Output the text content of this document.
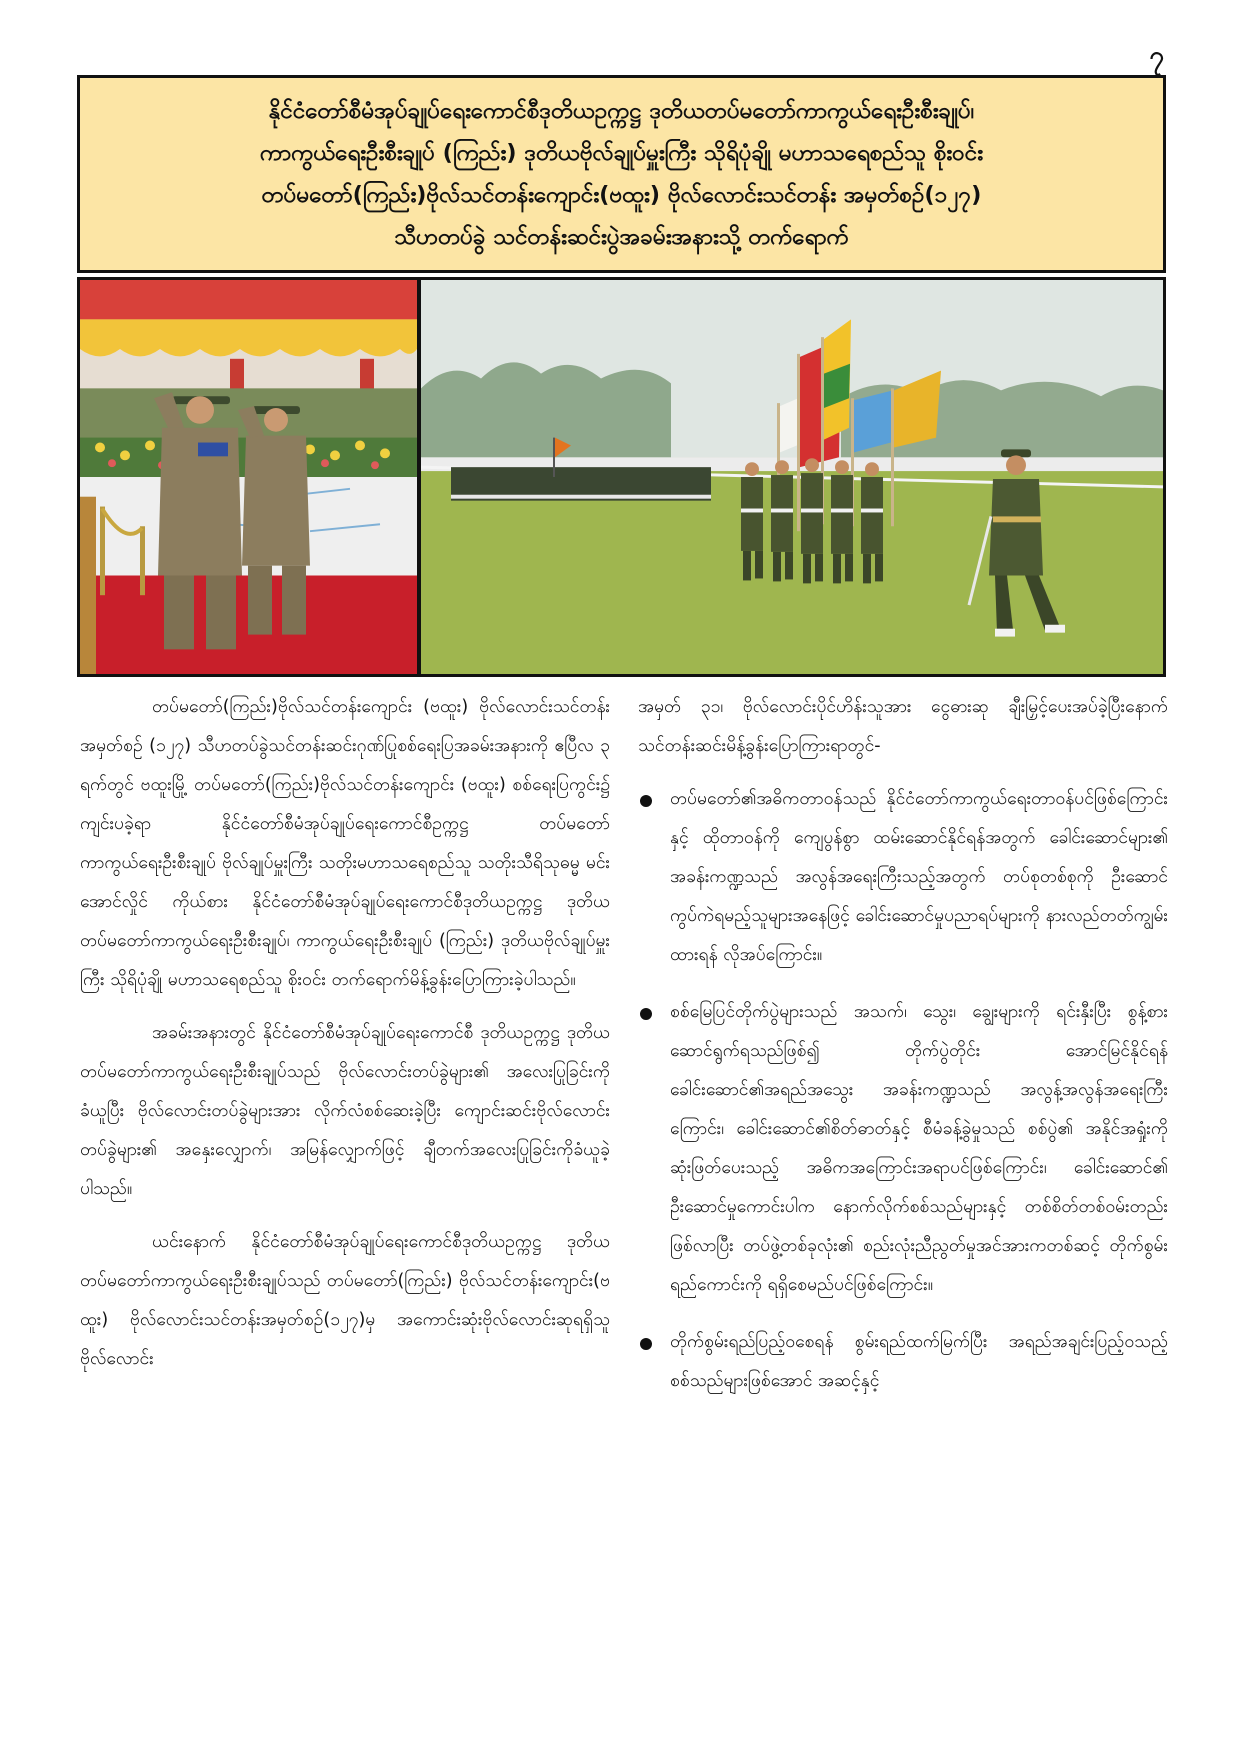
၇
နိုင်ငံတော်စီမံအုပ်ချုပ်ရေးကောင်စီဒုတိယဥက္ကဋ္ဌ ဒုတိယတပ်မတော်ကာကွယ်ရေးဦးစီးချုပ်၊
ကာကွယ်ရေးဦးစီးချုပ် (ကြည်း) ဒုတိယဗိုလ်ချုပ်မှူးကြီး သိုရိပုံချို မဟာသရေစည်သူ စိုးဝင်း
တပ်မတော်(ကြည်း)ဗိုလ်သင်တန်းကျောင်း(ဗထူး) ဗိုလ်လောင်းသင်တန်း အမှတ်စဉ်(၁၂၇)
သီဟတပ်ခွဲ သင်တန်းဆင်းပွဲအခမ်းအနားသို့ တက်ရောက်

တပ်မတော်(ကြည်း)ဗိုလ်သင်တန်းကျောင်း (ဗထူး) ဗိုလ်လောင်းသင်တန်း အမှတ်စဉ် (၁၂၇) သီဟတပ်ခွဲသင်တန်းဆင်းဂုဏ်ပြုစစ်ရေးပြအခမ်းအနားကို ဧပြီလ ၃ ရက်တွင် ဗထူးမြို့ တပ်မတော်(ကြည်း)ဗိုလ်သင်တန်းကျောင်း (ဗထူး) စစ်ရေးပြကွင်း၌ ကျင်းပခဲ့ရာ နိုင်ငံတော်စီမံအုပ်ချုပ်ရေးကောင်စီဥက္ကဋ္ဌ တပ်မတော်ကာကွယ်ရေးဦးစီးချုပ် ဗိုလ်ချုပ်မှူးကြီး သတိုးမဟာသရေစည်သူ သတိုးသီရိသုဓမ္မ မင်းအောင်လှိုင် ကိုယ်စား နိုင်ငံတော်စီမံအုပ်ချုပ်ရေးကောင်စီဒုတိယဥက္ကဋ္ဌ ဒုတိယ တပ်မတော်ကာကွယ်ရေးဦးစီးချုပ်၊ ကာကွယ်ရေးဦးစီးချုပ် (ကြည်း) ဒုတိယဗိုလ်ချုပ်မှူးကြီး သိုရိပုံချို မဟာသရေစည်သူ စိုးဝင်း တက်ရောက်မိန့်ခွန်းပြောကြားခဲ့ပါသည်။

အခမ်းအနားတွင် နိုင်ငံတော်စီမံအုပ်ချုပ်ရေးကောင်စီ ဒုတိယဥက္ကဋ္ဌ ဒုတိယတပ်မတော်ကာကွယ်ရေးဦးစီးချုပ်သည် ဗိုလ်လောင်းတပ်ခွဲများ၏ အလေးပြုခြင်းကို ခံယူပြီး ဗိုလ်လောင်းတပ်ခွဲများအား လိုက်လံစစ်ဆေးခဲ့ပြီး ကျောင်းဆင်းဗိုလ်လောင်းတပ်ခွဲများ၏ အနှေးလျှောက်၊ အမြန်လျှောက်ဖြင့် ချီတက်အလေးပြုခြင်းကိုခံယူခဲ့ပါသည်။

ယင်းနောက် နိုင်ငံတော်စီမံအုပ်ချုပ်ရေးကောင်စီဒုတိယဥက္ကဋ္ဌ ဒုတိယတပ်မတော်ကာကွယ်ရေးဦးစီးချုပ်သည် တပ်မတော်(ကြည်း) ဗိုလ်သင်တန်းကျောင်း(ဗထူး) ဗိုလ်လောင်းသင်တန်းအမှတ်စဉ်(၁၂၇)မှ အကောင်းဆုံးဗိုလ်လောင်းဆုရရှိသူ ဗိုလ်လောင်း

အမှတ် ၃၁၊ ဗိုလ်လောင်းပိုင်ဟိန်းသူအား ငွေဓားဆု ချီးမြှင့်ပေးအပ်ခဲ့ပြီးနောက် သင်တန်းဆင်းမိန့်ခွန်းပြောကြားရာတွင်-

တပ်မတော်၏အဓိကတာဝန်သည် နိုင်ငံတော်ကာကွယ်ရေးတာဝန်ပင်ဖြစ်ကြောင်းနှင့် ထိုတာဝန်ကို ကျေပွန်စွာ ထမ်းဆောင်နိုင်ရန်အတွက် ခေါင်းဆောင်များ၏ အခန်းကဏ္ဍသည် အလွန်အရေးကြီးသည့်အတွက် တပ်စုတစ်စုကို ဦးဆောင် ကွပ်ကဲရမည့်သူများအနေဖြင့် ခေါင်းဆောင်မှုပညာရပ်များကို နားလည်တတ်ကျွမ်းထားရန် လိုအပ်ကြောင်း။
စစ်မြေပြင်တိုက်ပွဲများသည် အသက်၊ သွေး၊ ချွေးများကို ရင်းနှီးပြီး စွန့်စားဆောင်ရွက်ရသည်ဖြစ်၍ တိုက်ပွဲတိုင်း အောင်မြင်နိုင်ရန် ခေါင်းဆောင်၏အရည်အသွေး အခန်းကဏ္ဍသည် အလွန့်အလွန်အရေးကြီးကြောင်း၊ ခေါင်းဆောင်၏စိတ်ဓာတ်နှင့် စီမံခန့်ခွဲမှုသည် စစ်ပွဲ၏ အနိုင်အရှုံးကို ဆုံးဖြတ်ပေးသည့် အဓိကအကြောင်းအရာပင်ဖြစ်ကြောင်း၊ ခေါင်းဆောင်၏ ဦးဆောင်မှုကောင်းပါက နောက်လိုက်စစ်သည်များနှင့် တစ်စိတ်တစ်ဝမ်းတည်းဖြစ်လာပြီး တပ်ဖွဲ့တစ်ခုလုံး၏ စည်းလုံးညီညွတ်မှုအင်အားကတစ်ဆင့် တိုက်စွမ်းရည်ကောင်းကို ရရှိစေမည်ပင်ဖြစ်ကြောင်း။
တိုက်စွမ်းရည်ပြည့်ဝစေရန် စွမ်းရည်ထက်မြက်ပြီး အရည်အချင်းပြည့်ဝသည့် စစ်သည်များဖြစ်အောင် အဆင့်နှင့်
